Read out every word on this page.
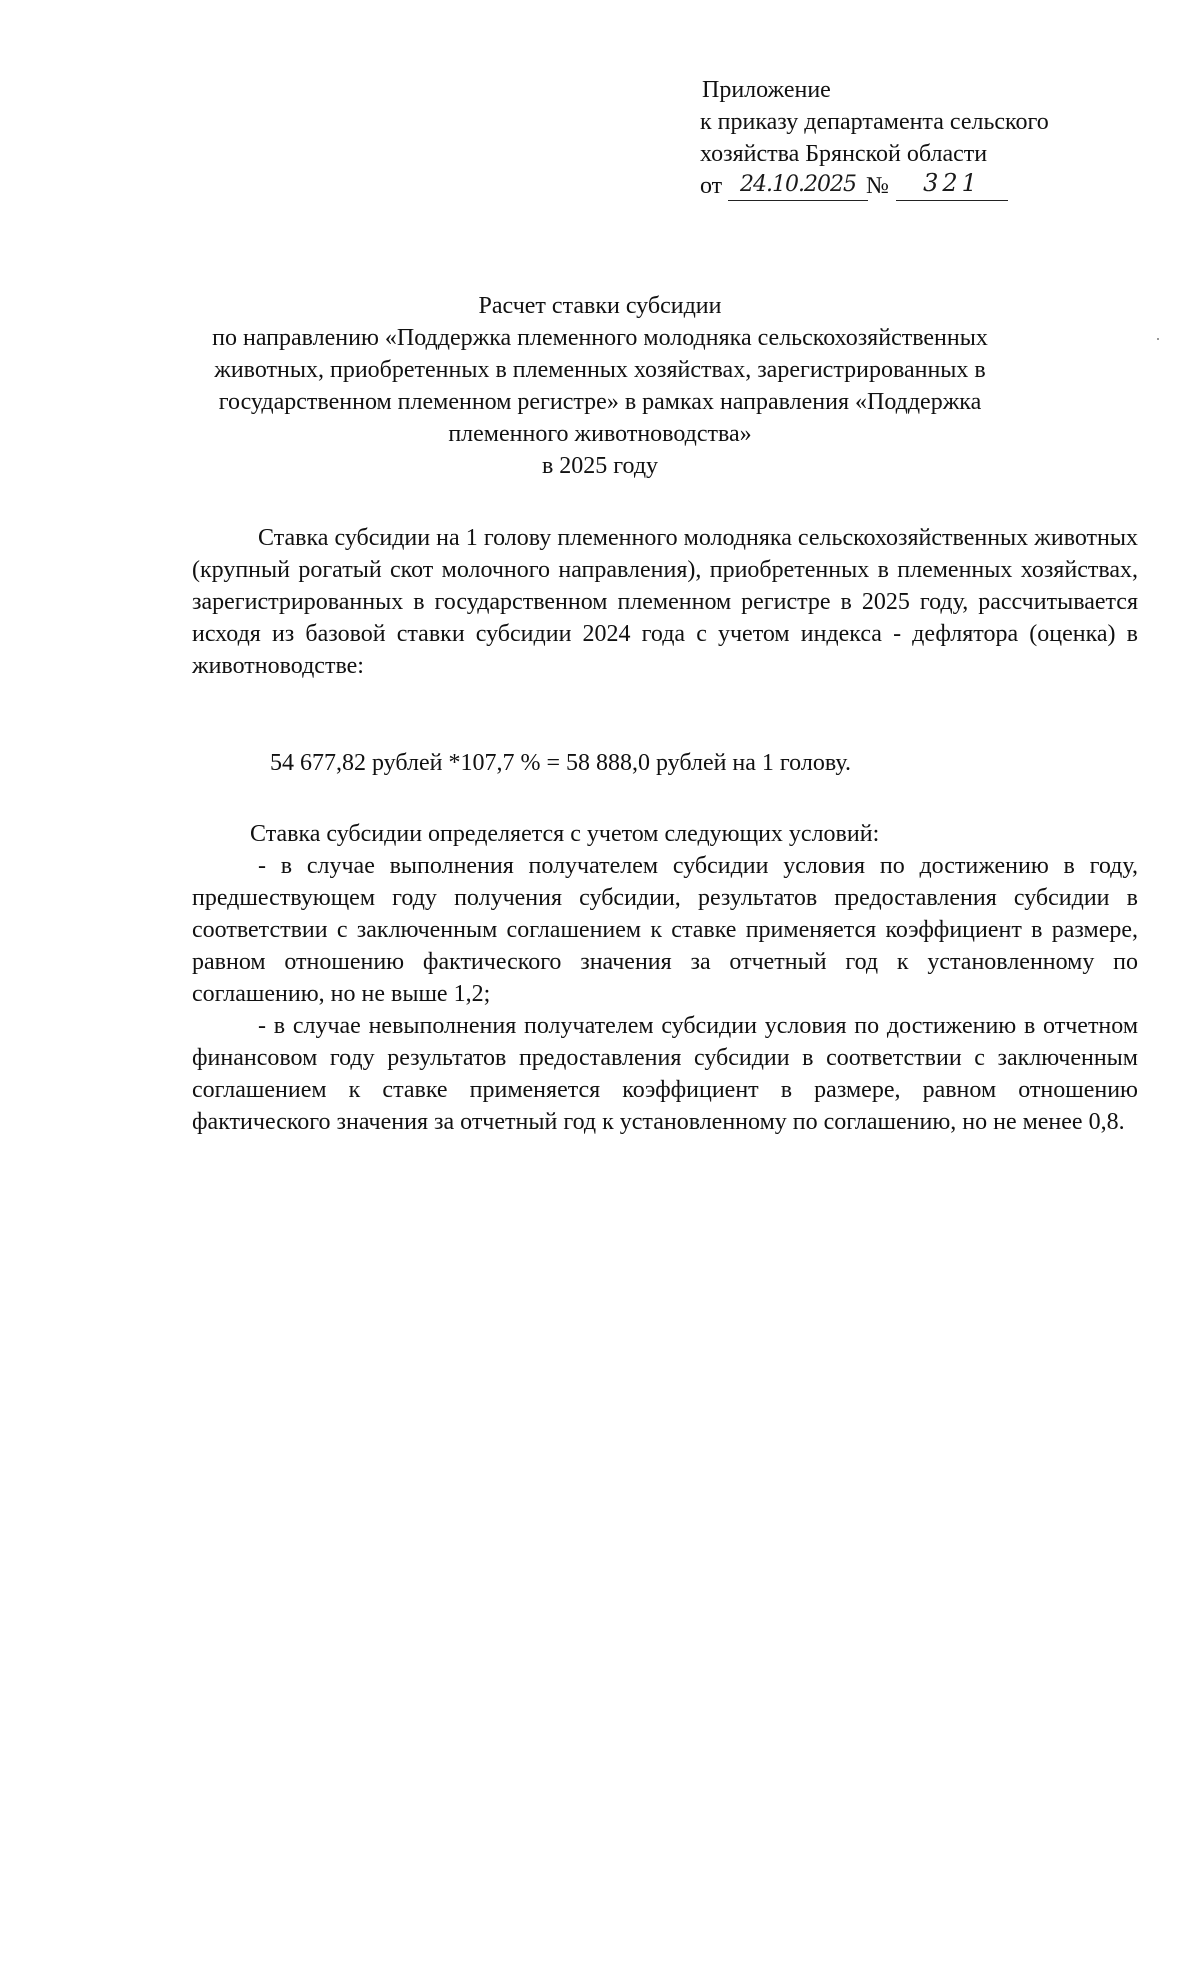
Приложение
к приказу департамента сельского
хозяйства Брянской области
от 24.10.2025 №	321
Расчет ставки субсидии
по направлению «Поддержка племенного молодняка сельскохозяйственных
животных, приобретенных в племенных хозяйствах, зарегистрированных в
государственном племенном регистре» в рамках направления «Поддержка
племенного животноводства»
в 2025 году
Ставка субсидии на 1 голову племенного молодняка сельскохозяйственных животных (крупный рогатый скот молочного направления), приобретенных в племенных хозяйствах, зарегистрированных в государственном племенном регистре в 2025 году, рассчитывается исходя из базовой ставки субсидии 2024 года с учетом индекса - дефлятора (оценка) в животноводстве:
54 677,82 рублей *107,7 % = 58 888,0 рублей на 1 голову.
Ставка субсидии определяется с учетом следующих условий:
- в случае выполнения получателем субсидии условия по достижению в году, предшествующем году получения субсидии, результатов предоставления субсидии в соответствии с заключенным соглашением к ставке применяется коэффициент в размере, равном отношению фактического значения за отчетный год к установленному по соглашению, но не выше 1,2;
- в случае невыполнения получателем субсидии условия по достижению в отчетном финансовом году результатов предоставления субсидии в соответствии с заключенным соглашением к ставке применяется коэффициент в размере, равном отношению фактического значения за отчетный год к установленному по соглашению, но не менее 0,8.
